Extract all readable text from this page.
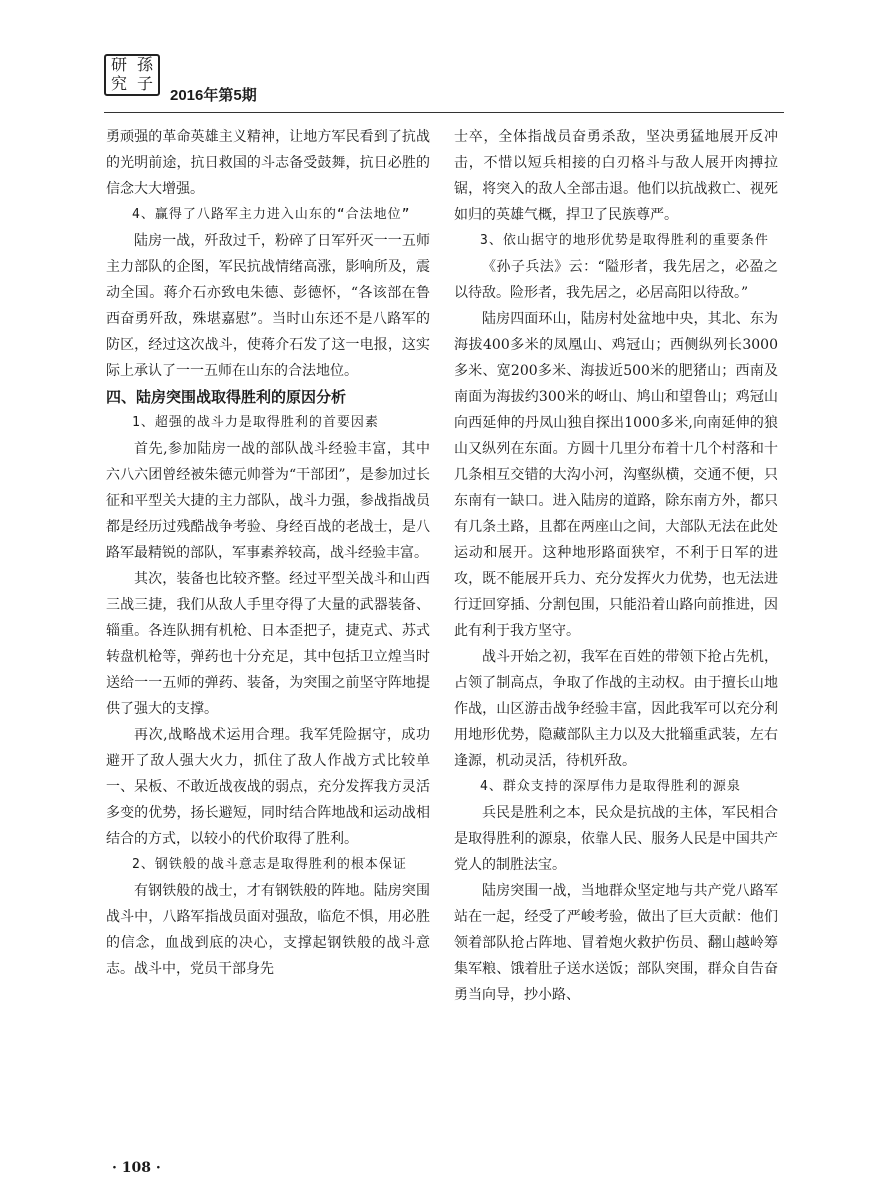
研 孫
究 子
2016年第5期

勇顽强的革命英雄主义精神，让地方军民看到了抗战的光明前途，抗日救国的斗志备受鼓舞，抗日必胜的信念大大增强。

4、赢得了八路军主力进入山东的“合法地位”

陆房一战，歼敌过千，粉碎了日军歼灭一一五师主力部队的企图，军民抗战情绪高涨，影响所及，震动全国。蒋介石亦致电朱德、彭德怀，“各该部在鲁西奋勇歼敌，殊堪嘉慰”。当时山东还不是八路军的防区，经过这次战斗，使蒋介石发了这一电报，这实际上承认了一一五师在山东的合法地位。

四、陆房突围战取得胜利的原因分析

1、超强的战斗力是取得胜利的首要因素

首先,参加陆房一战的部队战斗经验丰富，其中六八六团曾经被朱德元帅誉为“干部团”，是参加过长征和平型关大捷的主力部队，战斗力强，参战指战员都是经历过残酷战争考验、身经百战的老战士，是八路军最精锐的部队，军事素养较高，战斗经验丰富。

其次，装备也比较齐整。经过平型关战斗和山西三战三捷，我们从敌人手里夺得了大量的武器装备、辎重。各连队拥有机枪、日本歪把子，捷克式、苏式转盘机枪等，弹药也十分充足，其中包括卫立煌当时送给一一五师的弹药、装备，为突围之前坚守阵地提供了强大的支撑。

再次,战略战术运用合理。我军凭险据守，成功避开了敌人强大火力，抓住了敌人作战方式比较单一、呆板、不敢近战夜战的弱点，充分发挥我方灵活多变的优势，扬长避短，同时结合阵地战和运动战相结合的方式，以较小的代价取得了胜利。

2、钢铁般的战斗意志是取得胜利的根本保证

有钢铁般的战士，才有钢铁般的阵地。陆房突围战斗中，八路军指战员面对强敌，临危不惧，用必胜的信念，血战到底的决心，支撑起钢铁般的战斗意志。战斗中，党员干部身先

士卒，全体指战员奋勇杀敌，坚决勇猛地展开反冲击，不惜以短兵相接的白刃格斗与敌人展开肉搏拉锯，将突入的敌人全部击退。他们以抗战救亡、视死如归的英雄气概，捍卫了民族尊严。

3、依山据守的地形优势是取得胜利的重要条件

《孙子兵法》云：“隘形者，我先居之，必盈之以待敌。险形者，我先居之，必居高阳以待敌。”

陆房四面环山，陆房村处盆地中央，其北、东为海拔400多米的凤凰山、鸡冠山；西侧纵列长3000多米、宽200多米、海拔近500米的肥猪山；西南及南面为海拔约300米的岈山、鸠山和望鲁山；鸡冠山向西延伸的丹凤山独自探出1000多米,向南延伸的狼山又纵列在东面。方圆十几里分布着十几个村落和十几条相互交错的大沟小河，沟壑纵横，交通不便，只东南有一缺口。进入陆房的道路，除东南方外，都只有几条土路，且都在两座山之间，大部队无法在此处运动和展开。这种地形路面狭窄，不利于日军的进攻，既不能展开兵力、充分发挥火力优势，也无法进行迂回穿插、分割包围，只能沿着山路向前推进，因此有利于我方坚守。

战斗开始之初，我军在百姓的带领下抢占先机，占领了制高点，争取了作战的主动权。由于擅长山地作战，山区游击战争经验丰富，因此我军可以充分利用地形优势，隐藏部队主力以及大批辎重武装，左右逢源，机动灵活，待机歼敌。

4、群众支持的深厚伟力是取得胜利的源泉

兵民是胜利之本，民众是抗战的主体，军民相合是取得胜利的源泉，依靠人民、服务人民是中国共产党人的制胜法宝。

陆房突围一战，当地群众坚定地与共产党八路军站在一起，经受了严峻考验，做出了巨大贡献：他们领着部队抢占阵地、冒着炮火救护伤员、翻山越岭筹集军粮、饿着肚子送水送饭；部队突围，群众自告奋勇当向导，抄小路、

· 108 ·
